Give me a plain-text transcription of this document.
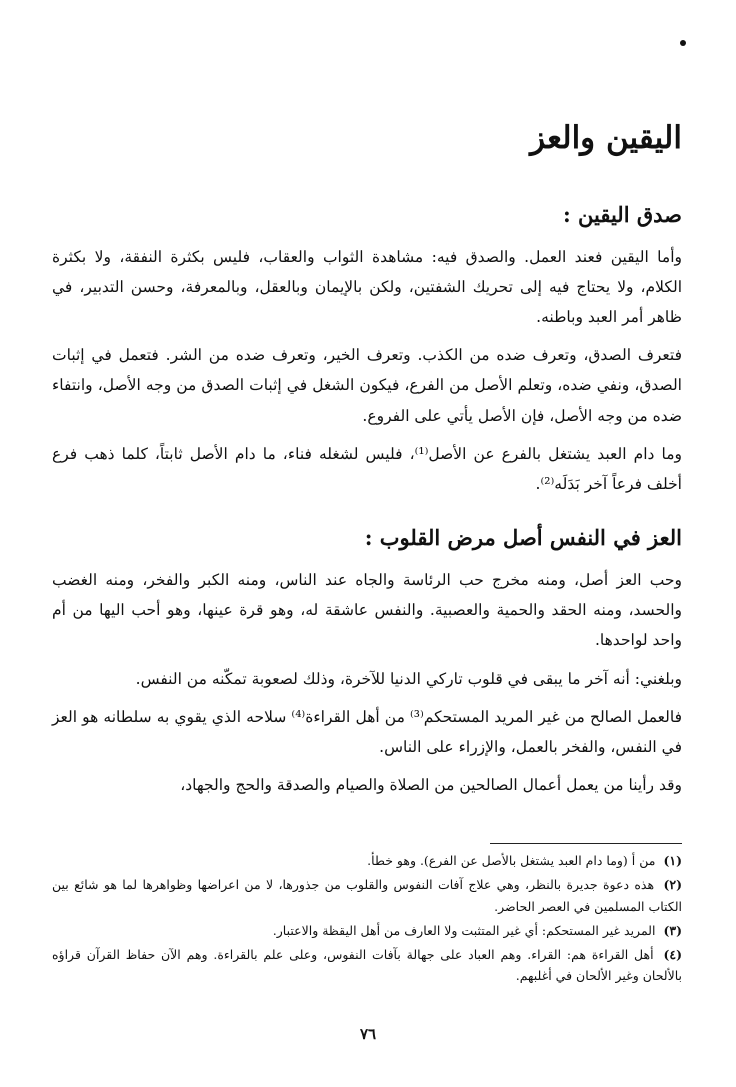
اليقين والعز
صدق اليقين :

وأما اليقين فعند العمل. والصدق فيه: مشاهدة الثواب والعقاب، فليس بكثرة النفقة، ولا بكثرة الكلام، ولا يحتاج فيه إلى تحريك الشفتين، ولكن بالإيمان وبالعقل، وبالمعرفة، وحسن التدبير، في ظاهر أمر العبد وباطنه.

فتعرف الصدق، وتعرف ضده من الكذب. وتعرف الخير، وتعرف ضده من الشر. فتعمل في إثبات الصدق، ونفي ضده، وتعلم الأصل من الفرع، فيكون الشغل في إثبات الصدق من وجه الأصل، وانتفاء ضده من وجه الأصل، فإن الأصل يأتي على الفروع.

وما دام العبد يشتغل بالفرع عن الأصل⁽¹⁾، فليس لشغله فناء، ما دام الأصل ثابتاً، كلما ذهب فرع أخلف فرعاً آخر بَدَلَه⁽²⁾.

العز في النفس أصل مرض القلوب :

وحب العز أصل، ومنه مخرج حب الرئاسة والجاه عند الناس، ومنه الكبر والفخر، ومنه الغضب والحسد، ومنه الحقد والحمية والعصبية. والنفس عاشقة له، وهو قرة عينها، وهو أحب اليها من أم واحد لواحدها.

وبلغني: أنه آخر ما يبقى في قلوب تاركي الدنيا للآخرة، وذلك لصعوبة تمكّنه من النفس.

فالعمل الصالح من غير المريد المستحكم⁽³⁾ من أهل القراءة⁽⁴⁾ سلاحه الذي يقوي به سلطانه هو العز في النفس، والفخر بالعمل، والإزراء على الناس.

وقد رأينا من يعمل أعمال الصالحين من الصلاة والصيام والصدقة والحج والجهاد،

(١) من أ (وما دام العبد يشتغل بالأصل عن الفرع). وهو خطأ.

(٢) هذه دعوة جديرة بالنظر، وهي علاج آفات النفوس والقلوب من جذورها، لا من اعراضها وظواهرها لما هو شائع بين الكتاب المسلمين في العصر الحاضر.

(٣) المريد غير المستحكم: أي غير المتثبت ولا العارف من أهل اليقظة والاعتبار.

(٤) أهل القراءة هم: القراء. وهم العباد على جهالة بآفات النفوس، وعلى علم بالقراءة. وهم الآن حفاظ القرآن قراؤه بالألحان وغير الألحان في أغلبهم.

٧٦
